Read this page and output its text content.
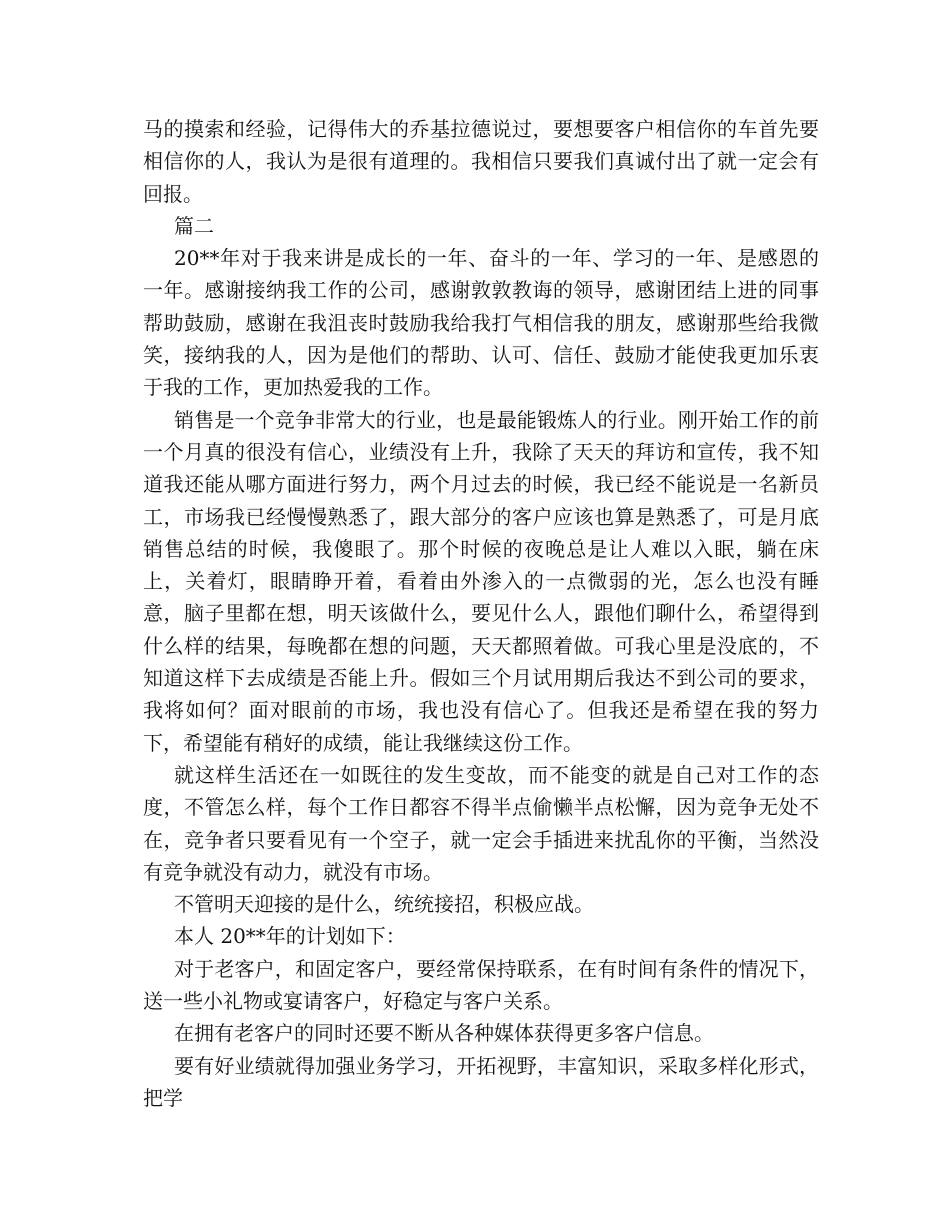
马的摸索和经验，记得伟大的乔基拉德说过，要想要客户相信你的车首先要相信你的人，我认为是很有道理的。我相信只要我们真诚付出了就一定会有回报。

篇二

20**年对于我来讲是成长的一年、奋斗的一年、学习的一年、是感恩的一年。感谢接纳我工作的公司，感谢敦敦教诲的领导，感谢团结上进的同事帮助鼓励，感谢在我沮丧时鼓励我给我打气相信我的朋友，感谢那些给我微笑，接纳我的人，因为是他们的帮助、认可、信任、鼓励才能使我更加乐衷于我的工作，更加热爱我的工作。

销售是一个竞争非常大的行业，也是最能锻炼人的行业。刚开始工作的前一个月真的很没有信心，业绩没有上升，我除了天天的拜访和宣传，我不知道我还能从哪方面进行努力，两个月过去的时候，我已经不能说是一名新员工，市场我已经慢慢熟悉了，跟大部分的客户应该也算是熟悉了，可是月底销售总结的时候，我傻眼了。那个时候的夜晚总是让人难以入眠，躺在床上，关着灯，眼睛睁开着，看着由外渗入的一点微弱的光，怎么也没有睡意，脑子里都在想，明天该做什么，要见什么人，跟他们聊什么，希望得到什么样的结果，每晚都在想的问题，天天都照着做。可我心里是没底的，不知道这样下去成绩是否能上升。假如三个月试用期后我达不到公司的要求，我将如何？面对眼前的市场，我也没有信心了。但我还是希望在我的努力下，希望能有稍好的成绩，能让我继续这份工作。

就这样生活还在一如既往的发生变故，而不能变的就是自己对工作的态度，不管怎么样，每个工作日都容不得半点偷懒半点松懈，因为竞争无处不在，竞争者只要看见有一个空子，就一定会手插进来扰乱你的平衡，当然没有竞争就没有动力，就没有市场。

不管明天迎接的是什么，统统接招，积极应战。

本人 20**年的计划如下：

对于老客户，和固定客户，要经常保持联系，在有时间有条件的情况下，送一些小礼物或宴请客户，好稳定与客户关系。

在拥有老客户的同时还要不断从各种媒体获得更多客户信息。

要有好业绩就得加强业务学习，开拓视野，丰富知识，采取多样化形式，把学
